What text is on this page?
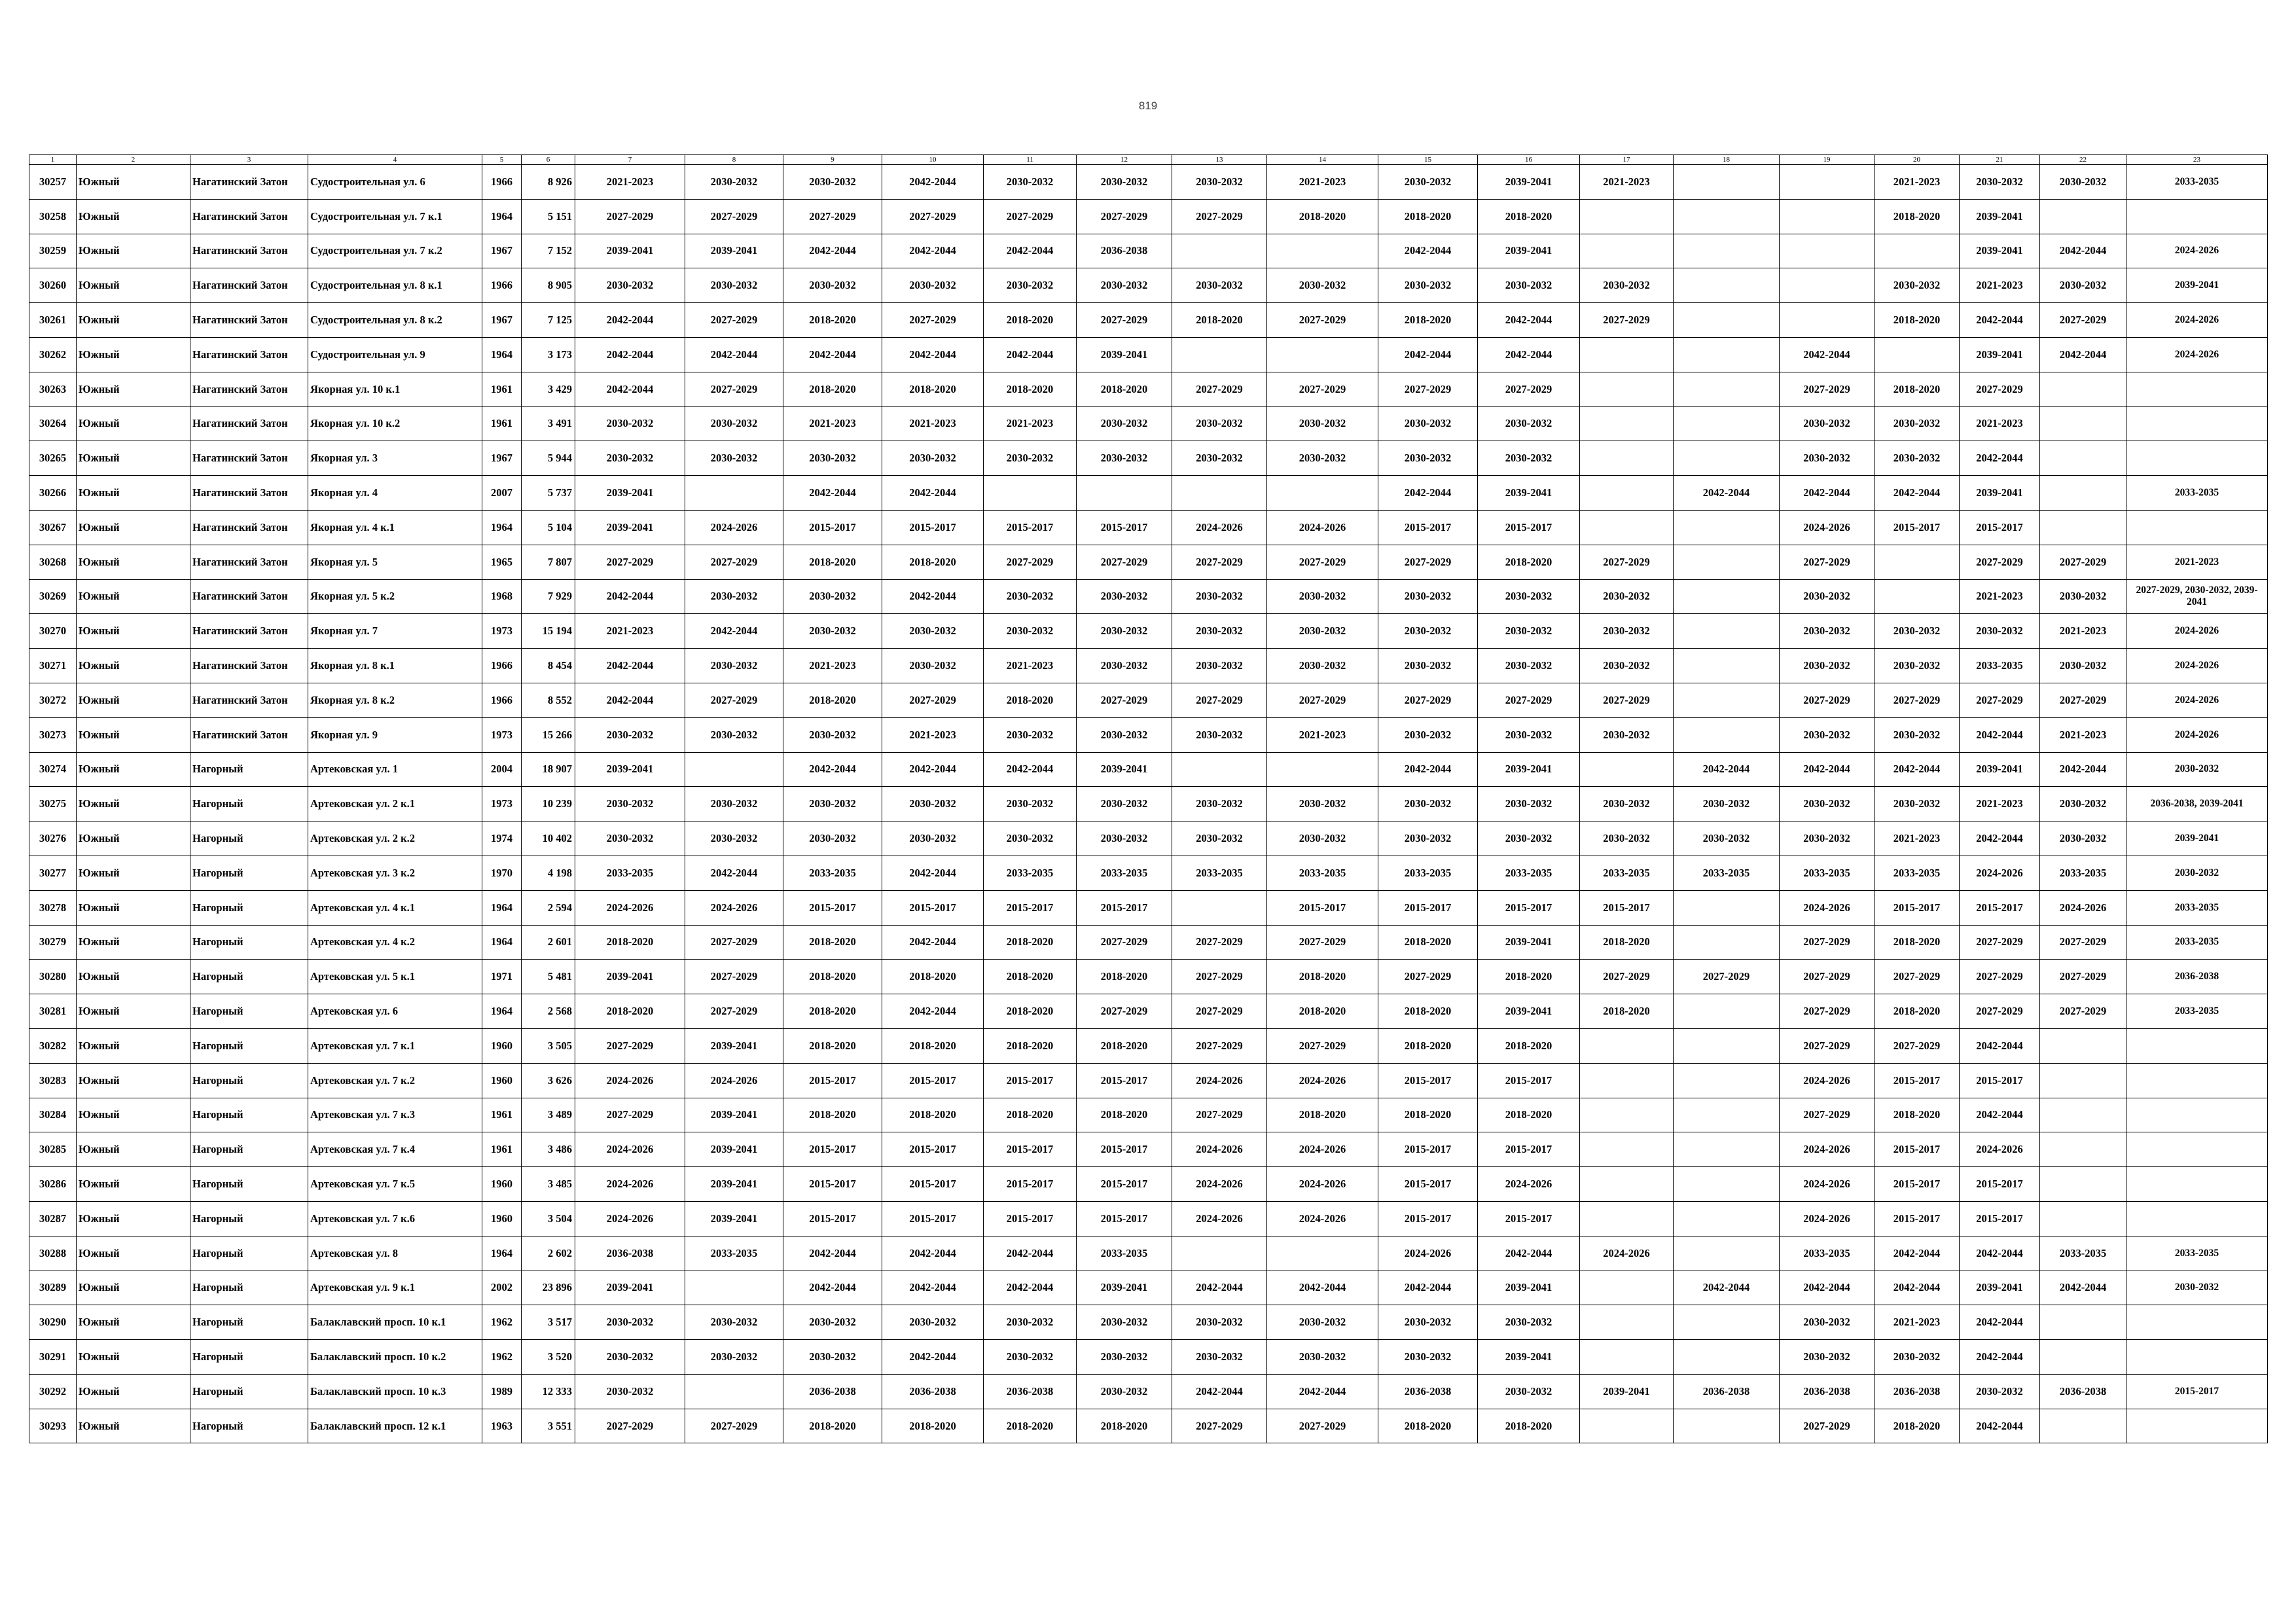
819
1	2	3	4	5	6	7	8	9	10	11	12	13	14	15	16	17	18	19	20	21	22	23
30257	Южный	Нагатинский Затон	Судостроительная ул. 6	1966	8 926	2021-2023	2030-2032	2030-2032	2042-2044	2030-2032	2030-2032	2030-2032	2021-2023	2030-2032	2039-2041	2021-2023			2021-2023	2030-2032	2030-2032	2033-2035
30258	Южный	Нагатинский Затон	Судостроительная ул. 7 к.1	1964	5 151	2027-2029	2027-2029	2027-2029	2027-2029	2027-2029	2027-2029	2027-2029	2018-2020	2018-2020	2018-2020				2018-2020	2039-2041		
30259	Южный	Нагатинский Затон	Судостроительная ул. 7 к.2	1967	7 152	2039-2041	2039-2041	2042-2044	2042-2044	2042-2044	2036-2038			2042-2044	2039-2041					2039-2041	2042-2044	2024-2026
30260	Южный	Нагатинский Затон	Судостроительная ул. 8 к.1	1966	8 905	2030-2032	2030-2032	2030-2032	2030-2032	2030-2032	2030-2032	2030-2032	2030-2032	2030-2032	2030-2032	2030-2032			2030-2032	2021-2023	2030-2032	2039-2041
30261	Южный	Нагатинский Затон	Судостроительная ул. 8 к.2	1967	7 125	2042-2044	2027-2029	2018-2020	2027-2029	2018-2020	2027-2029	2018-2020	2027-2029	2018-2020	2042-2044	2027-2029			2018-2020	2042-2044	2027-2029	2024-2026
30262	Южный	Нагатинский Затон	Судостроительная ул. 9	1964	3 173	2042-2044	2042-2044	2042-2044	2042-2044	2042-2044	2039-2041			2042-2044	2042-2044			2042-2044		2039-2041	2042-2044	2024-2026
30263	Южный	Нагатинский Затон	Якорная ул. 10 к.1	1961	3 429	2042-2044	2027-2029	2018-2020	2018-2020	2018-2020	2018-2020	2027-2029	2027-2029	2027-2029	2027-2029			2027-2029	2018-2020	2027-2029		
30264	Южный	Нагатинский Затон	Якорная ул. 10 к.2	1961	3 491	2030-2032	2030-2032	2021-2023	2021-2023	2021-2023	2030-2032	2030-2032	2030-2032	2030-2032	2030-2032			2030-2032	2030-2032	2021-2023		
30265	Южный	Нагатинский Затон	Якорная ул. 3	1967	5 944	2030-2032	2030-2032	2030-2032	2030-2032	2030-2032	2030-2032	2030-2032	2030-2032	2030-2032	2030-2032			2030-2032	2030-2032	2042-2044		
30266	Южный	Нагатинский Затон	Якорная ул. 4	2007	5 737	2039-2041		2042-2044	2042-2044					2042-2044	2039-2041		2042-2044	2042-2044	2042-2044	2039-2041		2033-2035
30267	Южный	Нагатинский Затон	Якорная ул. 4 к.1	1964	5 104	2039-2041	2024-2026	2015-2017	2015-2017	2015-2017	2015-2017	2024-2026	2024-2026	2015-2017	2015-2017			2024-2026	2015-2017	2015-2017		
30268	Южный	Нагатинский Затон	Якорная ул. 5	1965	7 807	2027-2029	2027-2029	2018-2020	2018-2020	2027-2029	2027-2029	2027-2029	2027-2029	2027-2029	2018-2020	2027-2029		2027-2029		2027-2029	2027-2029	2021-2023
30269	Южный	Нагатинский Затон	Якорная ул. 5 к.2	1968	7 929	2042-2044	2030-2032	2030-2032	2042-2044	2030-2032	2030-2032	2030-2032	2030-2032	2030-2032	2030-2032	2030-2032		2030-2032		2021-2023	2030-2032	2027-2029, 2030-2032, 2039-2041
30270	Южный	Нагатинский Затон	Якорная ул. 7	1973	15 194	2021-2023	2042-2044	2030-2032	2030-2032	2030-2032	2030-2032	2030-2032	2030-2032	2030-2032	2030-2032	2030-2032		2030-2032	2030-2032	2030-2032	2021-2023	2024-2026
30271	Южный	Нагатинский Затон	Якорная ул. 8 к.1	1966	8 454	2042-2044	2030-2032	2021-2023	2030-2032	2021-2023	2030-2032	2030-2032	2030-2032	2030-2032	2030-2032	2030-2032		2030-2032	2030-2032	2033-2035	2030-2032	2024-2026
30272	Южный	Нагатинский Затон	Якорная ул. 8 к.2	1966	8 552	2042-2044	2027-2029	2018-2020	2027-2029	2018-2020	2027-2029	2027-2029	2027-2029	2027-2029	2027-2029	2027-2029		2027-2029	2027-2029	2027-2029	2027-2029	2024-2026
30273	Южный	Нагатинский Затон	Якорная ул. 9	1973	15 266	2030-2032	2030-2032	2030-2032	2021-2023	2030-2032	2030-2032	2030-2032	2021-2023	2030-2032	2030-2032	2030-2032		2030-2032	2030-2032	2042-2044	2021-2023	2024-2026
30274	Южный	Нагорный	Артековская ул. 1	2004	18 907	2039-2041		2042-2044	2042-2044	2042-2044	2039-2041			2042-2044	2039-2041		2042-2044	2042-2044	2042-2044	2039-2041	2042-2044	2030-2032
30275	Южный	Нагорный	Артековская ул. 2 к.1	1973	10 239	2030-2032	2030-2032	2030-2032	2030-2032	2030-2032	2030-2032	2030-2032	2030-2032	2030-2032	2030-2032	2030-2032	2030-2032	2030-2032	2030-2032	2021-2023	2030-2032	2036-2038, 2039-2041
30276	Южный	Нагорный	Артековская ул. 2 к.2	1974	10 402	2030-2032	2030-2032	2030-2032	2030-2032	2030-2032	2030-2032	2030-2032	2030-2032	2030-2032	2030-2032	2030-2032	2030-2032	2030-2032	2021-2023	2042-2044	2030-2032	2039-2041
30277	Южный	Нагорный	Артековская ул. 3 к.2	1970	4 198	2033-2035	2042-2044	2033-2035	2042-2044	2033-2035	2033-2035	2033-2035	2033-2035	2033-2035	2033-2035	2033-2035	2033-2035	2033-2035	2033-2035	2024-2026	2033-2035	2030-2032
30278	Южный	Нагорный	Артековская ул. 4 к.1	1964	2 594	2024-2026	2024-2026	2015-2017	2015-2017	2015-2017	2015-2017		2015-2017	2015-2017	2015-2017	2015-2017		2024-2026	2015-2017	2015-2017	2024-2026	2033-2035
30279	Южный	Нагорный	Артековская ул. 4 к.2	1964	2 601	2018-2020	2027-2029	2018-2020	2042-2044	2018-2020	2027-2029	2027-2029	2027-2029	2018-2020	2039-2041	2018-2020		2027-2029	2018-2020	2027-2029	2027-2029	2033-2035
30280	Южный	Нагорный	Артековская ул. 5 к.1	1971	5 481	2039-2041	2027-2029	2018-2020	2018-2020	2018-2020	2018-2020	2027-2029	2018-2020	2027-2029	2018-2020	2027-2029	2027-2029	2027-2029	2027-2029	2027-2029	2027-2029	2036-2038
30281	Южный	Нагорный	Артековская ул. 6	1964	2 568	2018-2020	2027-2029	2018-2020	2042-2044	2018-2020	2027-2029	2027-2029	2018-2020	2018-2020	2039-2041	2018-2020		2027-2029	2018-2020	2027-2029	2027-2029	2033-2035
30282	Южный	Нагорный	Артековская ул. 7 к.1	1960	3 505	2027-2029	2039-2041	2018-2020	2018-2020	2018-2020	2018-2020	2027-2029	2027-2029	2018-2020	2018-2020			2027-2029	2027-2029	2042-2044		
30283	Южный	Нагорный	Артековская ул. 7 к.2	1960	3 626	2024-2026	2024-2026	2015-2017	2015-2017	2015-2017	2015-2017	2024-2026	2024-2026	2015-2017	2015-2017			2024-2026	2015-2017	2015-2017		
30284	Южный	Нагорный	Артековская ул. 7 к.3	1961	3 489	2027-2029	2039-2041	2018-2020	2018-2020	2018-2020	2018-2020	2027-2029	2018-2020	2018-2020	2018-2020			2027-2029	2018-2020	2042-2044		
30285	Южный	Нагорный	Артековская ул. 7 к.4	1961	3 486	2024-2026	2039-2041	2015-2017	2015-2017	2015-2017	2015-2017	2024-2026	2024-2026	2015-2017	2015-2017			2024-2026	2015-2017	2024-2026		
30286	Южный	Нагорный	Артековская ул. 7 к.5	1960	3 485	2024-2026	2039-2041	2015-2017	2015-2017	2015-2017	2015-2017	2024-2026	2024-2026	2015-2017	2024-2026			2024-2026	2015-2017	2015-2017		
30287	Южный	Нагорный	Артековская ул. 7 к.6	1960	3 504	2024-2026	2039-2041	2015-2017	2015-2017	2015-2017	2015-2017	2024-2026	2024-2026	2015-2017	2015-2017			2024-2026	2015-2017	2015-2017		
30288	Южный	Нагорный	Артековская ул. 8	1964	2 602	2036-2038	2033-2035	2042-2044	2042-2044	2042-2044	2033-2035			2024-2026	2042-2044	2024-2026		2033-2035	2042-2044	2042-2044	2033-2035	2033-2035
30289	Южный	Нагорный	Артековская ул. 9 к.1	2002	23 896	2039-2041		2042-2044	2042-2044	2042-2044	2039-2041	2042-2044	2042-2044	2042-2044	2039-2041		2042-2044	2042-2044	2042-2044	2039-2041	2042-2044	2030-2032
30290	Южный	Нагорный	Балаклавский просп. 10 к.1	1962	3 517	2030-2032	2030-2032	2030-2032	2030-2032	2030-2032	2030-2032	2030-2032	2030-2032	2030-2032	2030-2032			2030-2032	2021-2023	2042-2044		
30291	Южный	Нагорный	Балаклавский просп. 10 к.2	1962	3 520	2030-2032	2030-2032	2030-2032	2042-2044	2030-2032	2030-2032	2030-2032	2030-2032	2030-2032	2039-2041			2030-2032	2030-2032	2042-2044		
30292	Южный	Нагорный	Балаклавский просп. 10 к.3	1989	12 333	2030-2032		2036-2038	2036-2038	2036-2038	2030-2032	2042-2044	2042-2044	2036-2038	2030-2032	2039-2041	2036-2038	2036-2038	2036-2038	2030-2032	2036-2038	2015-2017
30293	Южный	Нагорный	Балаклавский просп. 12 к.1	1963	3 551	2027-2029	2027-2029	2018-2020	2018-2020	2018-2020	2018-2020	2027-2029	2027-2029	2018-2020	2018-2020			2027-2029	2018-2020	2042-2044		
